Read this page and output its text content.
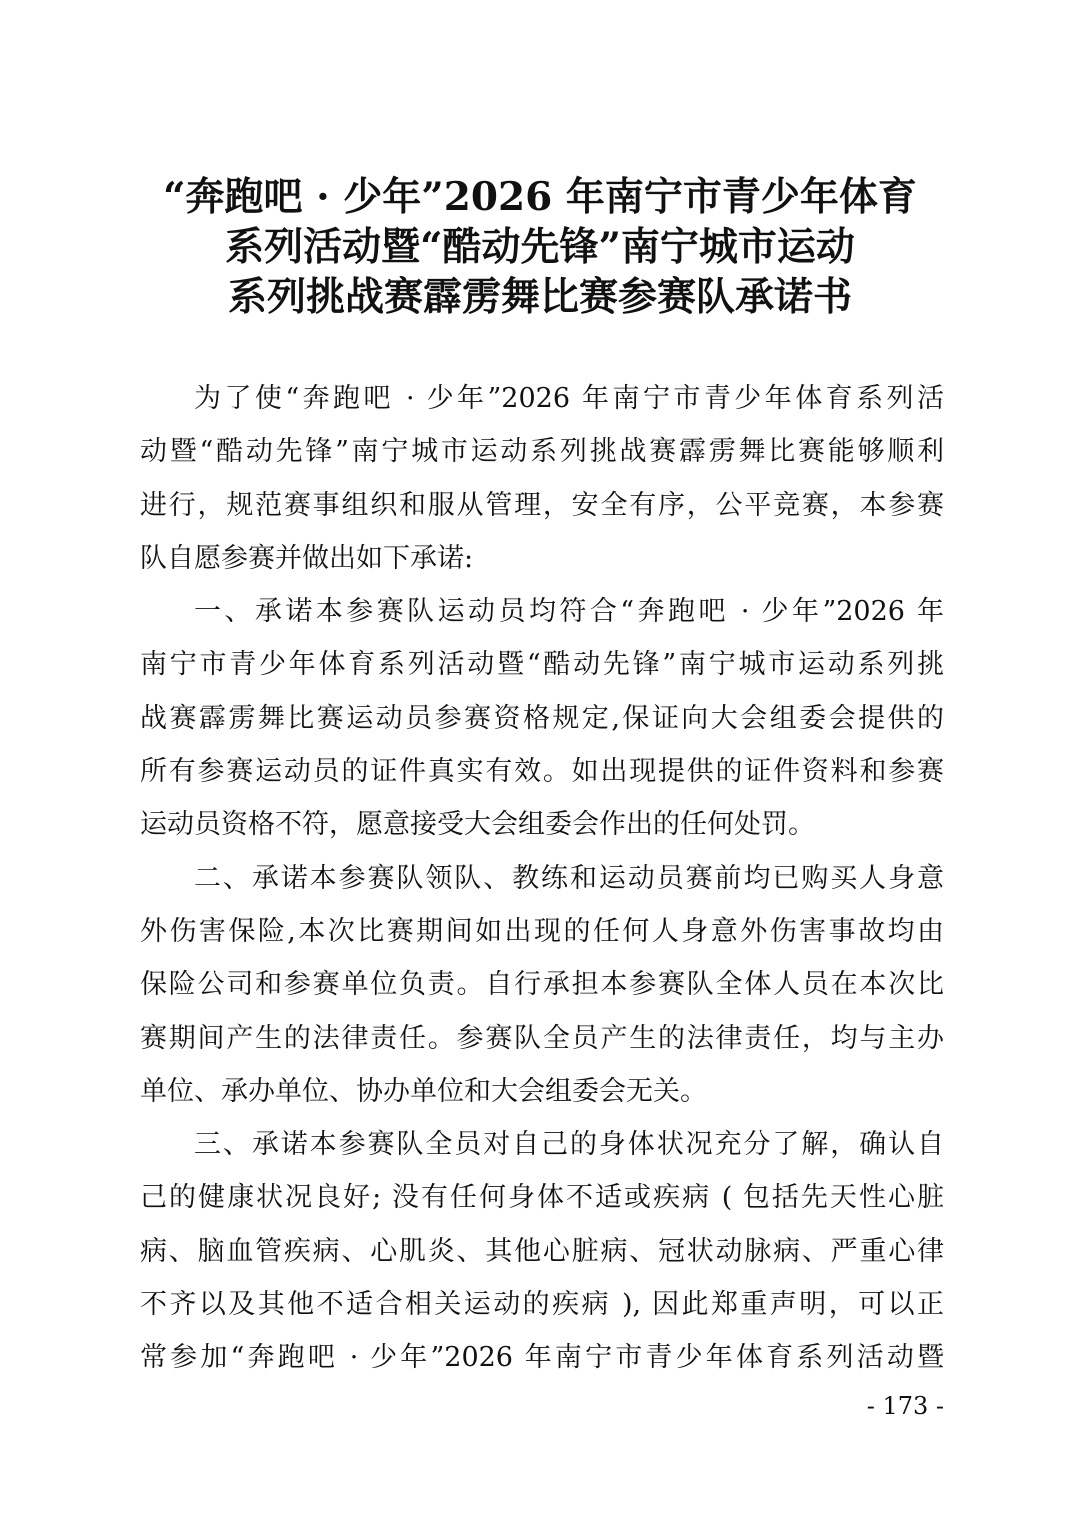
“奔跑吧 · 少年”2026 年南宁市青少年体育
系列活动暨“酷动先锋”南宁城市运动
系列挑战赛霹雳舞比赛参赛队承诺书
为了使“奔跑吧 · 少年”2026 年南宁市青少年体育系列活
动暨“酷动先锋”南宁城市运动系列挑战赛霹雳舞比赛能够顺利
进行，规范赛事组织和服从管理，安全有序，公平竞赛，本参赛
队自愿参赛并做出如下承诺:
一、承诺本参赛队运动员均符合“奔跑吧 · 少年”2026 年
南宁市青少年体育系列活动暨“酷动先锋”南宁城市运动系列挑
战赛霹雳舞比赛运动员参赛资格规定,保证向大会组委会提供的
所有参赛运动员的证件真实有效。如出现提供的证件资料和参赛
运动员资格不符，愿意接受大会组委会作出的任何处罚。
二、承诺本参赛队领队、教练和运动员赛前均已购买人身意
外伤害保险,本次比赛期间如出现的任何人身意外伤害事故均由
保险公司和参赛单位负责。自行承担本参赛队全体人员在本次比
赛期间产生的法律责任。参赛队全员产生的法律责任，均与主办
单位、承办单位、协办单位和大会组委会无关。
三、承诺本参赛队全员对自己的身体状况充分了解，确认自
己的健康状况良好; 没有任何身体不适或疾病 ( 包括先天性心脏
病、脑血管疾病、心肌炎、其他心脏病、冠状动脉病、严重心律
不齐以及其他不适合相关运动的疾病 ), 因此郑重声明，可以正
常参加“奔跑吧 · 少年”2026 年南宁市青少年体育系列活动暨
- 173 -
